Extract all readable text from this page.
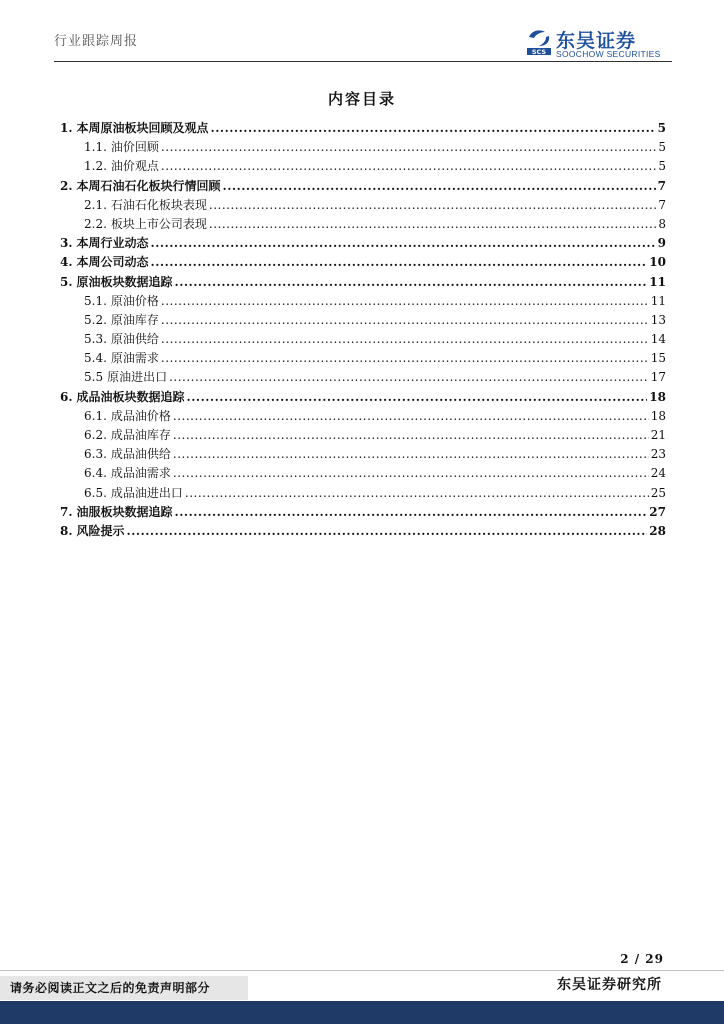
行业跟踪周报
SCS 东吴证券
SOOCHOW SECURITIES
内容目录
1. 本周原油板块回顾及观点 .....	5
1.1. 油价回顾 .....	5
1.2. 油价观点 .....	5
2. 本周石油石化板块行情回顾 .....	7
2.1. 石油石化板块表现 .....	7
2.2. 板块上市公司表现 .....	8
3. 本周行业动态 .....	9
4. 本周公司动态 .....	10
5. 原油板块数据追踪 .....	11
5.1. 原油价格 .....	11
5.2. 原油库存 .....	13
5.3. 原油供给 .....	14
5.4. 原油需求 .....	15
5.5 原油进出口 .....	17
6. 成品油板块数据追踪 .....	18
6.1. 成品油价格 .....	18
6.2. 成品油库存 .....	21
6.3. 成品油供给 .....	23
6.4. 成品油需求 .....	24
6.5. 成品油进出口 .....	25
7. 油服板块数据追踪 .....	27
8. 风险提示 .....	28
2 / 29
请务必阅读正文之后的免责声明部分	东吴证券研究所
